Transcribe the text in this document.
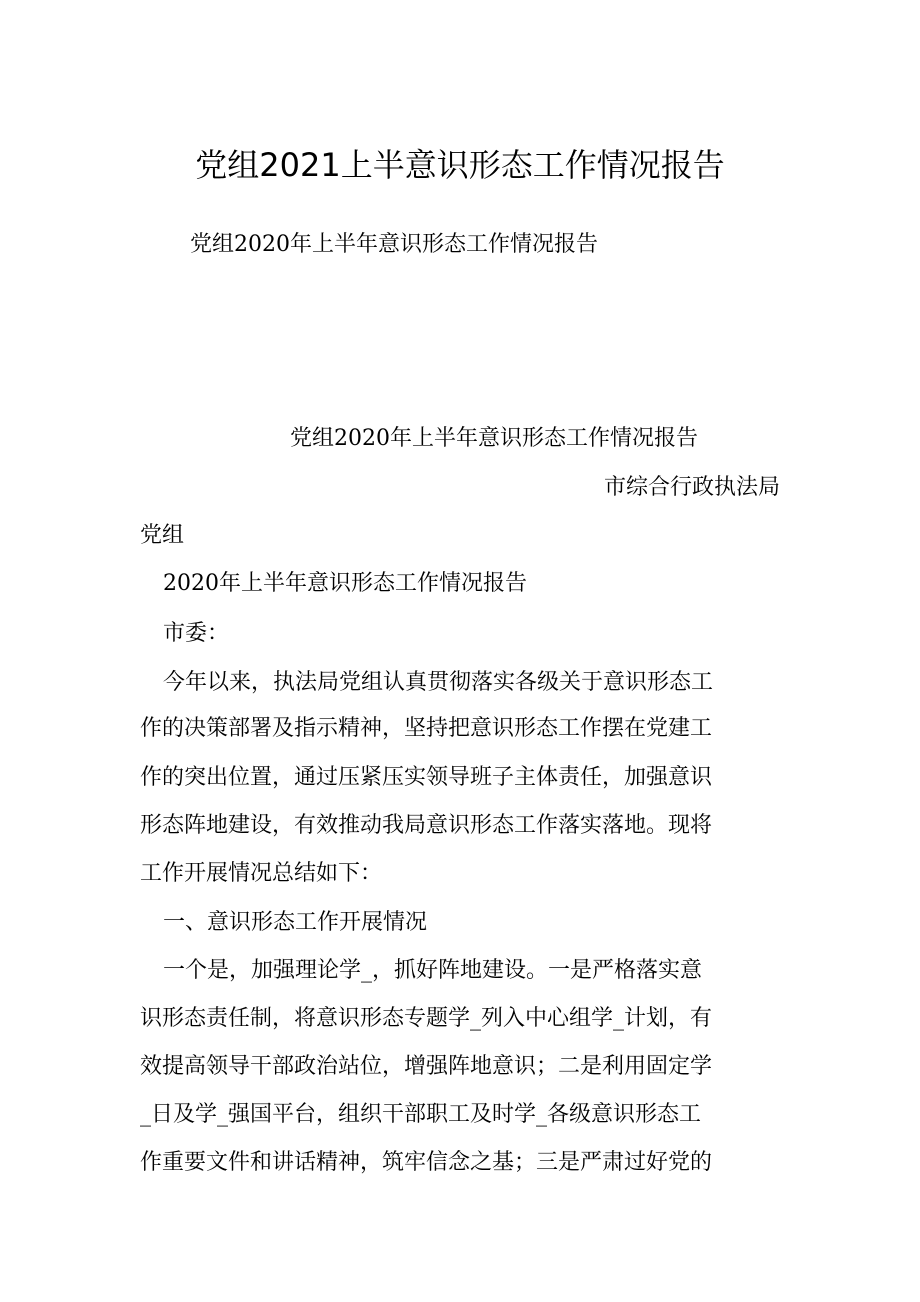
党组2021上半意识形态工作情况报告

党组2020年上半年意识形态工作情况报告

党组2020年上半年意识形态工作情况报告

市综合行政执法局

党组

2020年上半年意识形态工作情况报告

市委：

今年以来，执法局党组认真贯彻落实各级关于意识形态工

作的决策部署及指示精神，坚持把意识形态工作摆在党建工

作的突出位置，通过压紧压实领导班子主体责任，加强意识

形态阵地建设，有效推动我局意识形态工作落实落地。现将

工作开展情况总结如下：

一、意识形态工作开展情况

一个是，加强理论学_，抓好阵地建设。一是严格落实意

识形态责任制，将意识形态专题学_列入中心组学_计划，有

效提高领导干部政治站位，增强阵地意识；二是利用固定学

_日及学_强国平台，组织干部职工及时学_各级意识形态工

作重要文件和讲话精神，筑牢信念之基；三是严肃过好党的
